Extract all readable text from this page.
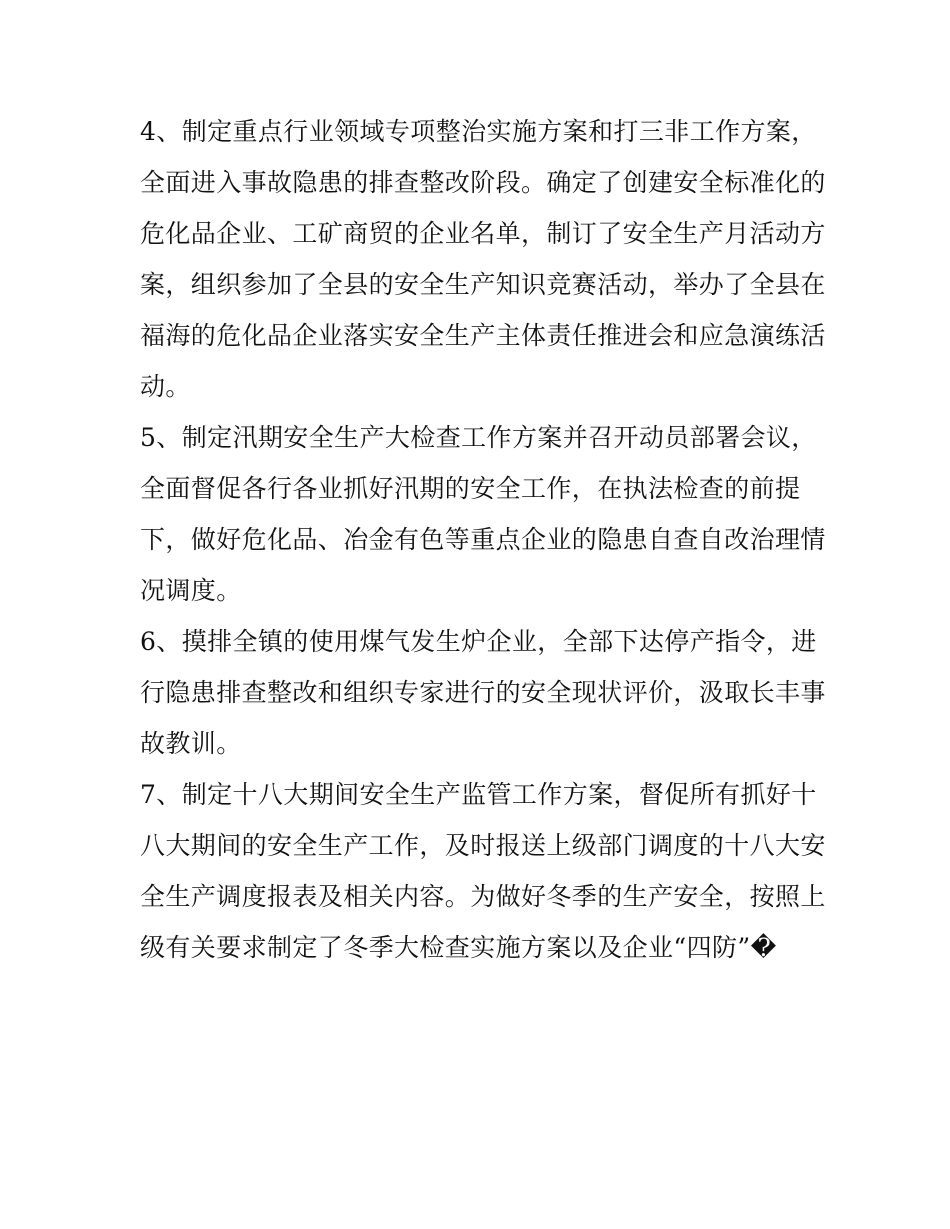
4、制定重点行业领域专项整治实施方案和打三非工作方案，
全面进入事故隐患的排查整改阶段。确定了创建安全标准化的
危化品企业、工矿商贸的企业名单，制订了安全生产月活动方
案，组织参加了全县的安全生产知识竞赛活动，举办了全县在
福海的危化品企业落实安全生产主体责任推进会和应急演练活
动。
5、制定汛期安全生产大检查工作方案并召开动员部署会议，
全面督促各行各业抓好汛期的安全工作，在执法检查的前提
下，做好危化品、冶金有色等重点企业的隐患自查自改治理情
况调度。
6、摸排全镇的使用煤气发生炉企业，全部下达停产指令，进
行隐患排查整改和组织专家进行的安全现状评价，汲取长丰事
故教训。
7、制定十八大期间安全生产监管工作方案，督促所有抓好十
八大期间的安全生产工作，及时报送上级部门调度的十八大安
全生产调度报表及相关内容。为做好冬季的生产安全，按照上
级有关要求制定了冬季大检查实施方案以及企业“四防”�
